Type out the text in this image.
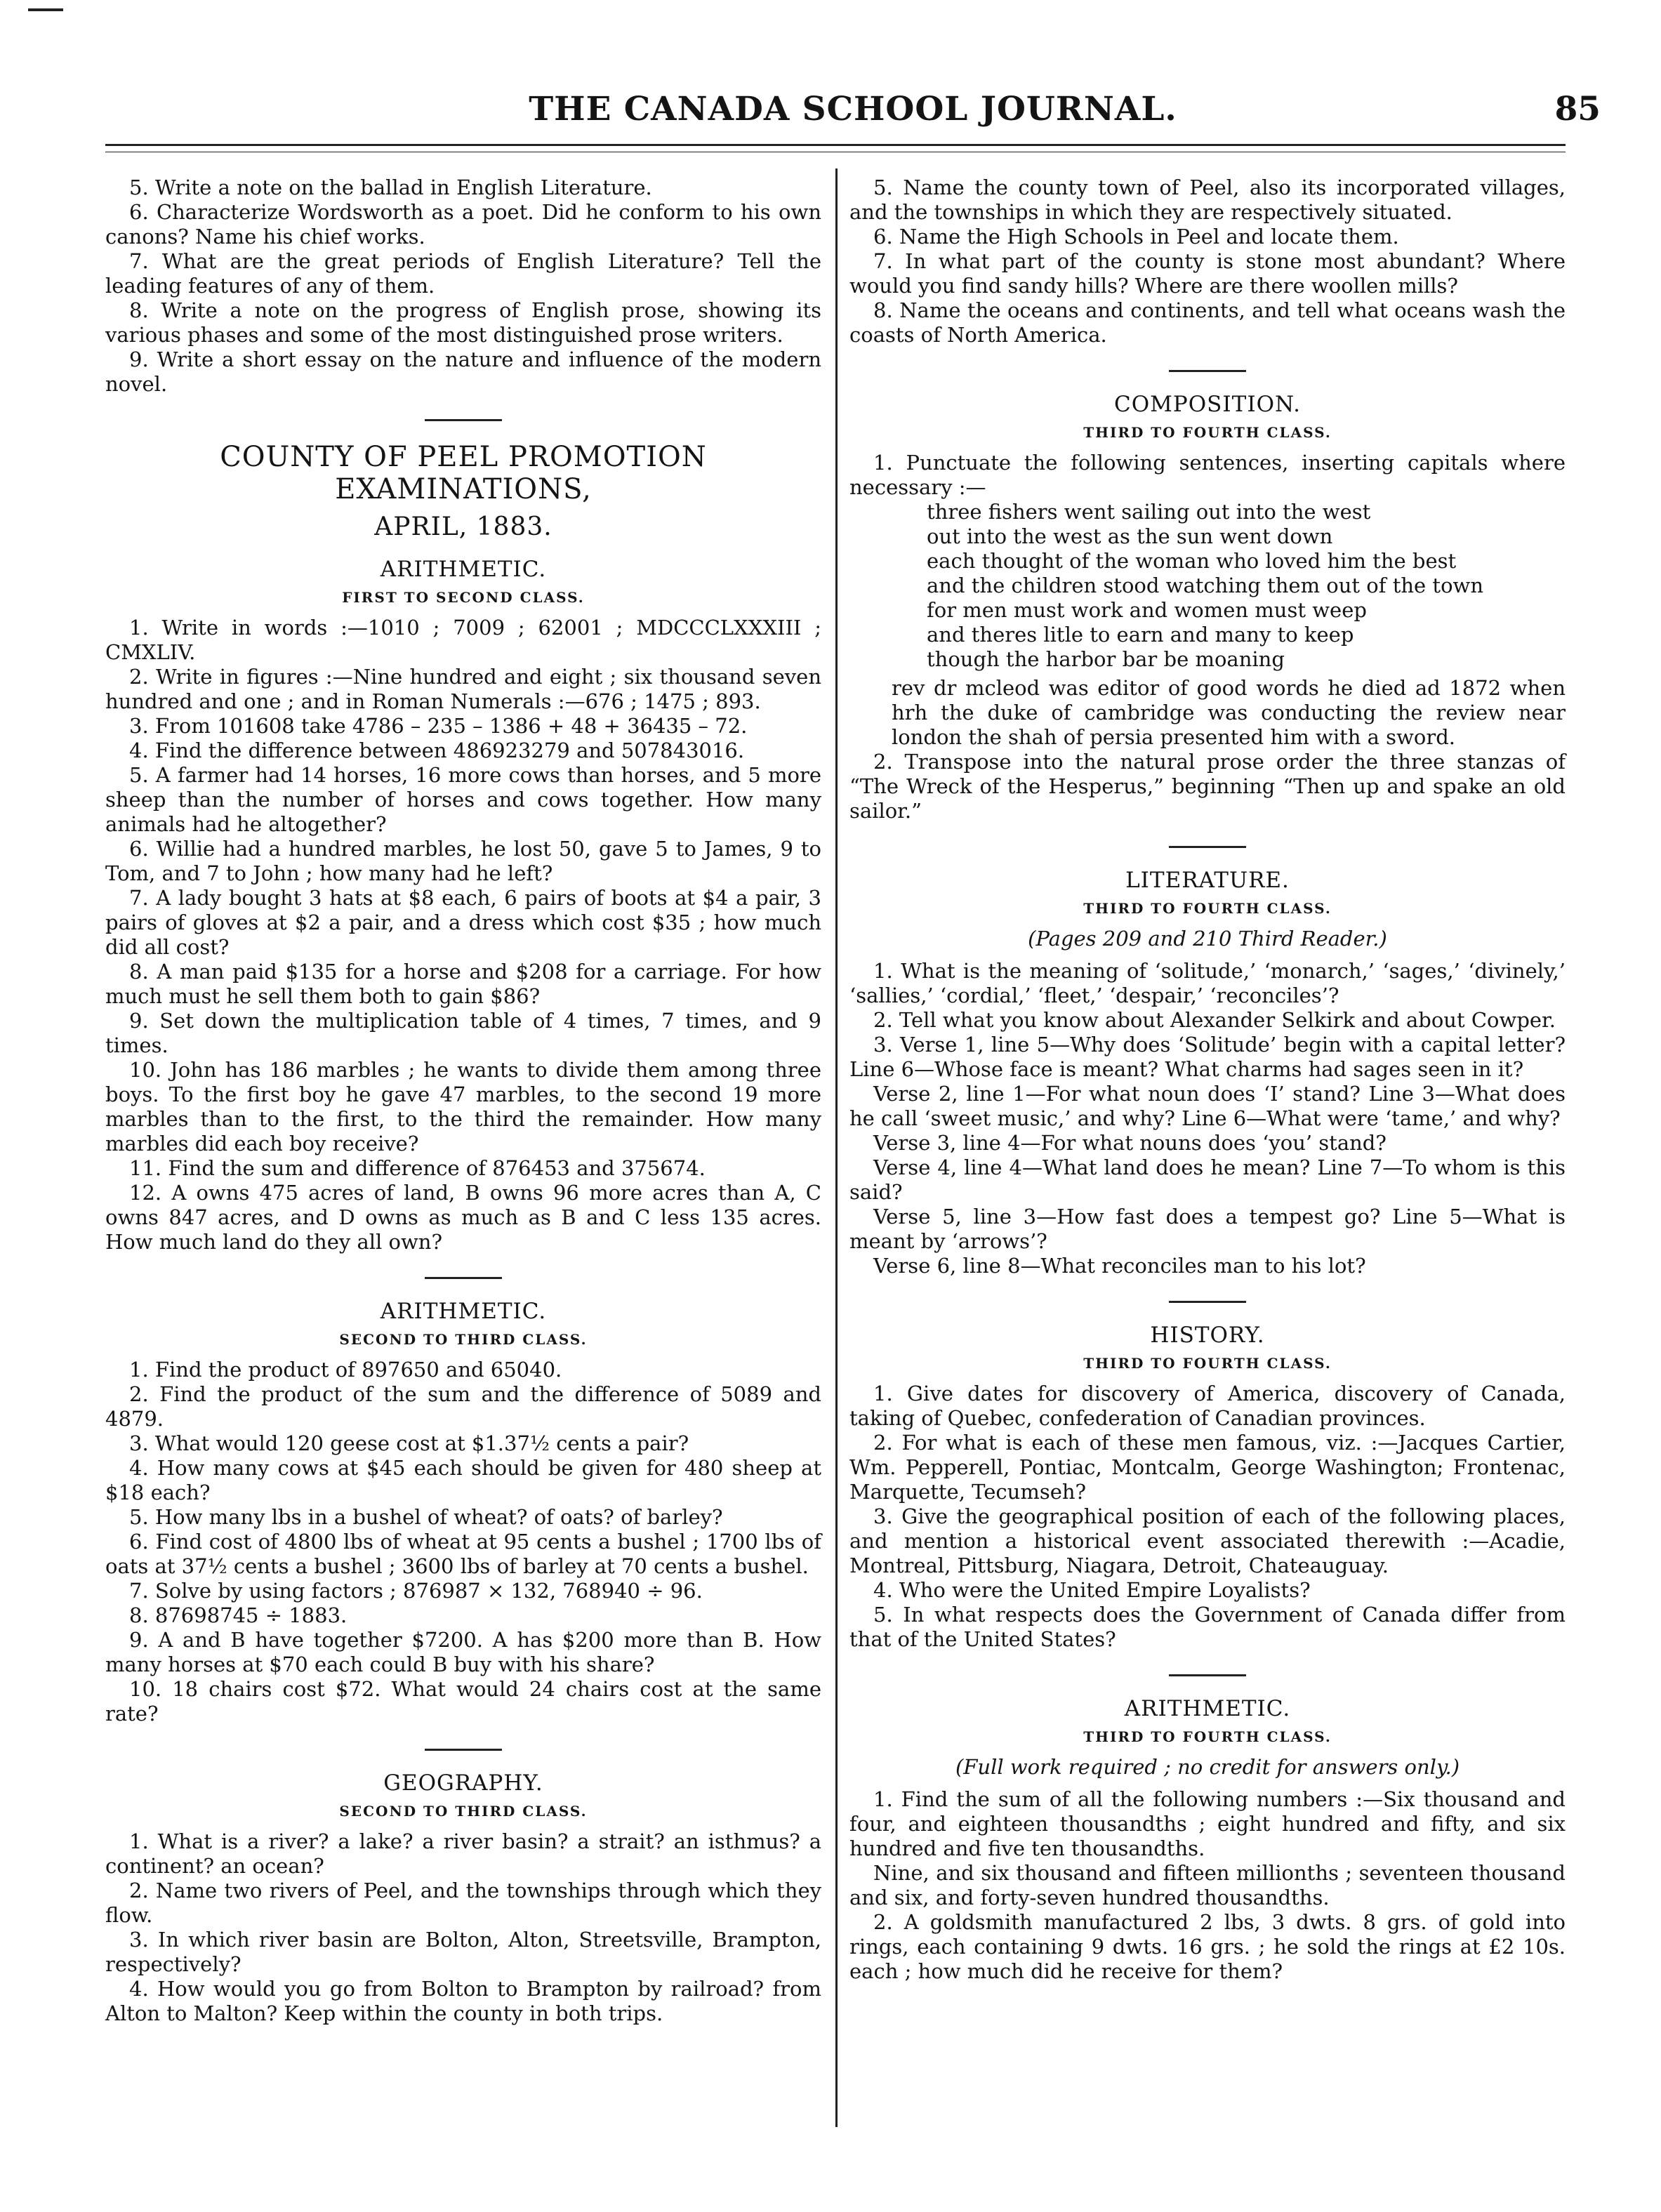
THE CANADA SCHOOL JOURNAL.	85

5. Write a note on the ballad in English Literature.

6. Characterize Wordsworth as a poet. Did he conform to his own canons? Name his chief works.

7. What are the great periods of English Literature? Tell the leading features of any of them.

8. Write a note on the progress of English prose, showing its various phases and some of the most distinguished prose writers.

9. Write a short essay on the nature and influence of the modern novel.

COUNTY OF PEEL PROMOTION EXAMINATIONS,
APRIL, 1883.
ARITHMETIC.
FIRST TO SECOND CLASS.

1. Write in words :—1010 ; 7009 ; 62001 ; MDCCCLXXXIII ; CMXLIV.

2. Write in figures :—Nine hundred and eight ; six thousand seven hundred and one ; and in Roman Numerals :—676 ; 1475 ; 893.

3. From 101608 take 4786 – 235 – 1386 + 48 + 36435 – 72.

4. Find the difference between 486923279 and 507843016.

5. A farmer had 14 horses, 16 more cows than horses, and 5 more sheep than the number of horses and cows together. How many animals had he altogether?

6. Willie had a hundred marbles, he lost 50, gave 5 to James, 9 to Tom, and 7 to John ; how many had he left?

7. A lady bought 3 hats at $8 each, 6 pairs of boots at $4 a pair, 3 pairs of gloves at $2 a pair, and a dress which cost $35 ; how much did all cost?

8. A man paid $135 for a horse and $208 for a carriage. For how much must he sell them both to gain $86?

9. Set down the multiplication table of 4 times, 7 times, and 9 times.

10. John has 186 marbles ; he wants to divide them among three boys. To the first boy he gave 47 marbles, to the second 19 more marbles than to the first, to the third the remainder. How many marbles did each boy receive?

11. Find the sum and difference of 876453 and 375674.

12. A owns 475 acres of land, B owns 96 more acres than A, C owns 847 acres, and D owns as much as B and C less 135 acres. How much land do they all own?

ARITHMETIC.
SECOND TO THIRD CLASS.

1. Find the product of 897650 and 65040.

2. Find the product of the sum and the difference of 5089 and 4879.

3. What would 120 geese cost at $1.37½ cents a pair?

4. How many cows at $45 each should be given for 480 sheep at $18 each?

5. How many lbs in a bushel of wheat? of oats? of barley?

6. Find cost of 4800 lbs of wheat at 95 cents a bushel ; 1700 lbs of oats at 37½ cents a bushel ; 3600 lbs of barley at 70 cents a bushel.

7. Solve by using factors ; 876987 × 132, 768940 ÷ 96.

8. 87698745 ÷ 1883.

9. A and B have together $7200. A has $200 more than B. How many horses at $70 each could B buy with his share?

10. 18 chairs cost $72. What would 24 chairs cost at the same rate?

GEOGRAPHY.
SECOND TO THIRD CLASS.

1. What is a river? a lake? a river basin? a strait? an isthmus? a continent? an ocean?

2. Name two rivers of Peel, and the townships through which they flow.

3. In which river basin are Bolton, Alton, Streetsville, Brampton, respectively?

4. How would you go from Bolton to Brampton by railroad? from Alton to Malton? Keep within the county in both trips.

5. Name the county town of Peel, also its incorporated villages, and the townships in which they are respectively situated.

6. Name the High Schools in Peel and locate them.

7. In what part of the county is stone most abundant? Where would you find sandy hills? Where are there woollen mills?

8. Name the oceans and continents, and tell what oceans wash the coasts of North America.

COMPOSITION.
THIRD TO FOURTH CLASS.

1. Punctuate the following sentences, inserting capitals where necessary :—

three fishers went sailing out into the west
out into the west as the sun went down
each thought of the woman who loved him the best
and the children stood watching them out of the town
for men must work and women must weep
and theres litle to earn and many to keep
though the harbor bar be moaning
rev dr mcleod was editor of good words he died ad 1872 when hrh the duke of cambridge was conducting the review near london the shah of persia presented him with a sword.

2. Transpose into the natural prose order the three stanzas of “The Wreck of the Hesperus,” beginning “Then up and spake an old sailor.”

LITERATURE.
THIRD TO FOURTH CLASS.
(Pages 209 and 210 Third Reader.)

1. What is the meaning of ‘solitude,’ ‘monarch,’ ‘sages,’ ‘divinely,’ ‘sallies,’ ‘cordial,’ ‘fleet,’ ‘despair,’ ‘reconciles’?

2. Tell what you know about Alexander Selkirk and about Cowper.

3. Verse 1, line 5—Why does ‘Solitude’ begin with a capital letter? Line 6—Whose face is meant? What charms had sages seen in it?

Verse 2, line 1—For what noun does ‘I’ stand? Line 3—What does he call ‘sweet music,’ and why? Line 6—What were ‘tame,’ and why?

Verse 3, line 4—For what nouns does ‘you’ stand?

Verse 4, line 4—What land does he mean? Line 7—To whom is this said?

Verse 5, line 3—How fast does a tempest go? Line 5—What is meant by ‘arrows’?

Verse 6, line 8—What reconciles man to his lot?

HISTORY.
THIRD TO FOURTH CLASS.

1. Give dates for discovery of America, discovery of Canada, taking of Quebec, confederation of Canadian provinces.

2. For what is each of these men famous, viz. :—Jacques Cartier, Wm. Pepperell, Pontiac, Montcalm, George Washington; Frontenac, Marquette, Tecumseh?

3. Give the geographical position of each of the following places, and mention a historical event associated therewith :—Acadie, Montreal, Pittsburg, Niagara, Detroit, Chateauguay.

4. Who were the United Empire Loyalists?

5. In what respects does the Government of Canada differ from that of the United States?

ARITHMETIC.
THIRD TO FOURTH CLASS.
(Full work required ; no credit for answers only.)

1. Find the sum of all the following numbers :—Six thousand and four, and eighteen thousandths ; eight hundred and fifty, and six hundred and five ten thousandths.

Nine, and six thousand and fifteen millionths ; seventeen thousand and six, and forty-seven hundred thousandths.

2. A goldsmith manufactured 2 lbs, 3 dwts. 8 grs. of gold into rings, each containing 9 dwts. 16 grs. ; he sold the rings at £2 10s. each ; how much did he receive for them?
